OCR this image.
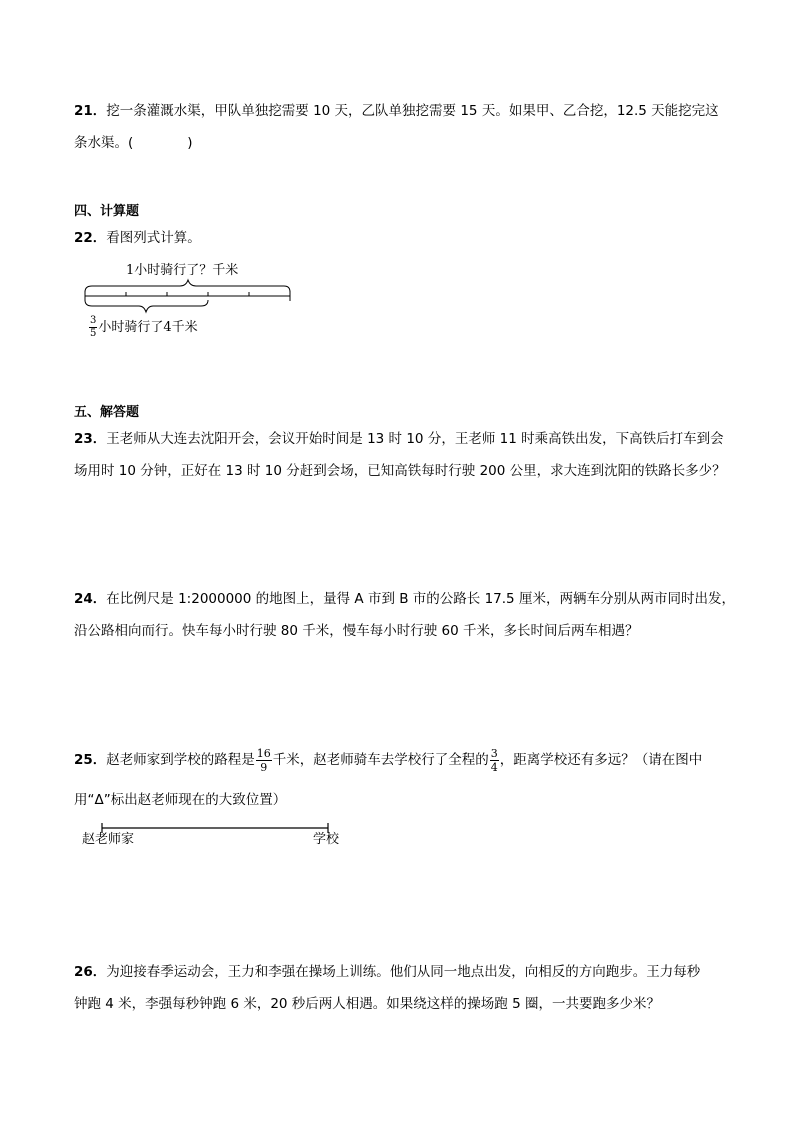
21．挖一条灌溉水渠，甲队单独挖需要 10 天，乙队单独挖需要 15 天。如果甲、乙合挖，12.5 天能挖完这
条水渠。(　　　　)
四、计算题
22．看图列式计算。
1小时骑行了？千米
$\frac{3}{5}$ 小时骑行了4千米
五、解答题
23．王老师从大连去沈阳开会，会议开始时间是 13 时 10 分，王老师 11 时乘高铁出发，下高铁后打车到会
场用时 10 分钟，正好在 13 时 10 分赶到会场，已知高铁每时行驶 200 公里，求大连到沈阳的铁路长多少？
24．在比例尺是 1:2000000 的地图上，量得 A 市到 B 市的公路长 17.5 厘米，两辆车分别从两市同时出发，
沿公路相向而行。快车每小时行驶 80 千米，慢车每小时行驶 60 千米，多长时间后两车相遇？
25．赵老师家到学校的路程是 $\frac{16}{9}$ 千米，赵老师骑车去学校行了全程的 $\frac{3}{4}$ ，距离学校还有多远？（请在图中
用“Δ”标出赵老师现在的大致位置）
赵老师家	学校
26．为迎接春季运动会，王力和李强在操场上训练。他们从同一地点出发，向相反的方向跑步。王力每秒
钟跑 4 米，李强每秒钟跑 6 米，20 秒后两人相遇。如果绕这样的操场跑 5 圈，一共要跑多少米？
